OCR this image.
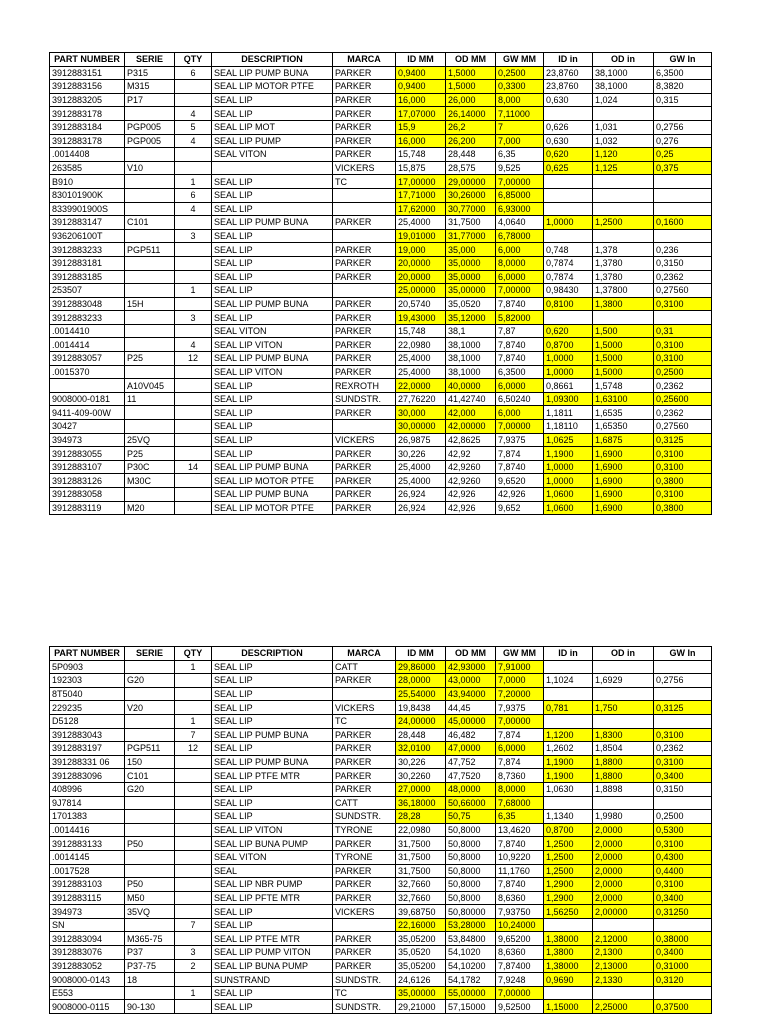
PART NUMBER	SERIE	QTY	DESCRIPTION	MARCA	ID MM	OD MM	GW MM	ID in	OD in	GW In
3912883151	P315	6	SEAL LIP PUMP BUNA	PARKER	0,9400	1,5000	0,2500	23,8760	38,1000	6,3500
3912883156	M315		SEAL LIP MOTOR PTFE	PARKER	0,9400	1,5000	0,3300	23,8760	38,1000	8,3820
3912883205	P17		SEAL LIP	PARKER	16,000	26,000	8,000	0,630	1,024	0,315
3912883178		4	SEAL LIP	PARKER	17,07000	26,14000	7,11000			
3912883184	PGP005	5	SEAL LIP MOT	PARKER	15,9	26,2	7	0,626	1,031	0,2756
3912883178	PGP005	4	SEAL LIP PUMP	PARKER	16,000	26,200	7,000	0,630	1,032	0,276
.0014408			SEAL VITON	PARKER	15,748	28,448	6,35	0,620	1,120	0,25
263585	V10			VICKERS	15,875	28,575	9,525	0,625	1,125	0,375
B910		1	SEAL LIP	TC	17,00000	29,00000	7,00000			
830101900K		6	SEAL LIP		17,71000	30,26000	6,85000			
8339901900S		4	SEAL LIP		17,62000	30,77000	6,93000			
3912883147	C101		SEAL LIP PUMP BUNA	PARKER	25,4000	31,7500	4,0640	1,0000	1,2500	0,1600
936206100T		3	SEAL LIP		19,01000	31,77000	6,78000			
3912883233	PGP511		SEAL LIP	PARKER	19,000	35,000	6,000	0,748	1,378	0,236
3912883181			SEAL LIP	PARKER	20,0000	35,0000	8,0000	0,7874	1,3780	0,3150
3912883185			SEAL LIP	PARKER	20,0000	35,0000	6,0000	0,7874	1,3780	0,2362
253507		1	SEAL LIP		25,00000	35,00000	7,00000	0,98430	1,37800	0,27560
3912883048	15H		SEAL LIP PUMP BUNA	PARKER	20,5740	35,0520	7,8740	0,8100	1,3800	0,3100
3912883233		3	SEAL LIP	PARKER	19,43000	35,12000	5,82000			
.0014410			SEAL VITON	PARKER	15,748	38,1	7,87	0,620	1,500	0,31
.0014414		4	SEAL LIP VITON	PARKER	22,0980	38,1000	7,8740	0,8700	1,5000	0,3100
3912883057	P25	12	SEAL LIP PUMP BUNA	PARKER	25,4000	38,1000	7,8740	1,0000	1,5000	0,3100
.0015370			SEAL LIP VITON	PARKER	25,4000	38,1000	6,3500	1,0000	1,5000	0,2500
	A10V045		SEAL LIP	REXROTH	22,0000	40,0000	6,0000	0,8661	1,5748	0,2362
9008000-0181	11		SEAL LIP	SUNDSTR.	27,76220	41,42740	6,50240	1,09300	1,63100	0,25600
9411-409-00W			SEAL LIP	PARKER	30,000	42,000	6,000	1,1811	1,6535	0,2362
30427			SEAL LIP		30,00000	42,00000	7,00000	1,18110	1,65350	0,27560
394973	25VQ		SEAL LIP	VICKERS	26,9875	42,8625	7,9375	1,0625	1,6875	0,3125
3912883055	P25		SEAL LIP	PARKER	30,226	42,92	7,874	1,1900	1,6900	0,3100
3912883107	P30C	14	SEAL LIP PUMP BUNA	PARKER	25,4000	42,9260	7,8740	1,0000	1,6900	0,3100
3912883126	M30C		SEAL LIP MOTOR PTFE	PARKER	25,4000	42,9260	9,6520	1,0000	1,6900	0,3800
3912883058			SEAL LIP PUMP BUNA	PARKER	26,924	42,926	42,926	1,0600	1,6900	0,3100
3912883119	M20		SEAL LIP MOTOR PTFE	PARKER	26,924	42,926	9,652	1,0600	1,6900	0,3800
PART NUMBER	SERIE	QTY	DESCRIPTION	MARCA	ID MM	OD MM	GW MM	ID in	OD in	GW In
5P0903		1	SEAL LIP	CATT	29,86000	42,93000	7,91000			
192303	G20		SEAL LIP	PARKER	28,0000	43,0000	7,0000	1,1024	1,6929	0,2756
8T5040			SEAL LIP		25,54000	43,94000	7,20000			
229235	V20		SEAL LIP	VICKERS	19,8438	44,45	7,9375	0,781	1,750	0,3125
D5128		1	SEAL LIP	TC	24,00000	45,00000	7,00000			
3912883043		7	SEAL LIP PUMP BUNA	PARKER	28,448	46,482	7,874	1,1200	1,8300	0,3100
3912883197	PGP511	12	SEAL LIP	PARKER	32,0100	47,0000	6,0000	1,2602	1,8504	0,2362
391288331 06	150		SEAL LIP PUMP BUNA	PARKER	30,226	47,752	7,874	1,1900	1,8800	0,3100
3912883096	C101		SEAL LIP PTFE MTR	PARKER	30,2260	47,7520	8,7360	1,1900	1,8800	0,3400
408996	G20		SEAL LIP	PARKER	27,0000	48,0000	8,0000	1,0630	1,8898	0,3150
9J7814			SEAL LIP	CATT	36,18000	50,66000	7,68000			
1701383			SEAL LIP	SUNDSTR.	28,28	50,75	6,35	1,1340	1,9980	0,2500
.0014416			SEAL LIP VITON	TYRONE	22,0980	50,8000	13,4620	0,8700	2,0000	0,5300
3912883133	P50		SEAL LIP BUNA PUMP	PARKER	31,7500	50,8000	7,8740	1,2500	2,0000	0,3100
.0014145			SEAL VITON	TYRONE	31,7500	50,8000	10,9220	1,2500	2,0000	0,4300
.0017528			SEAL	PARKER	31,7500	50,8000	11,1760	1,2500	2,0000	0,4400
3912883103	P50		SEAL LIP NBR PUMP	PARKER	32,7660	50,8000	7,8740	1,2900	2,0000	0,3100
3912883115	M50		SEAL LIP PFTE MTR	PARKER	32,7660	50,8000	8,6360	1,2900	2,0000	0,3400
394973	35VQ		SEAL LIP	VICKERS	39,68750	50,80000	7,93750	1,56250	2,00000	0,31250
SN		7	SEAL LIP		22,16000	53,28000	10,24000			
3912883094	M365-75		SEAL LIP PTFE MTR	PARKER	35,05200	53,84800	9,65200	1,38000	2,12000	0,38000
3912883076	P37	3	SEAL LIP PUMP VITON	PARKER	35,0520	54,1020	8,6360	1,3800	2,1300	0,3400
3912883052	P37-75	2	SEAL LIP BUNA PUMP	PARKER	35,05200	54,10200	7,87400	1,38000	2,13000	0,31000
9008000-0143	18		SUNSTRAND	SUNDSTR.	24,6126	54,1782	7,9248	0,9690	2,1330	0,3120
E553		1	SEAL LIP	TC	35,00000	55,00000	7,00000			
9008000-0115	90-130		SEAL LIP	SUNDSTR.	29,21000	57,15000	9,52500	1,15000	2,25000	0,37500
